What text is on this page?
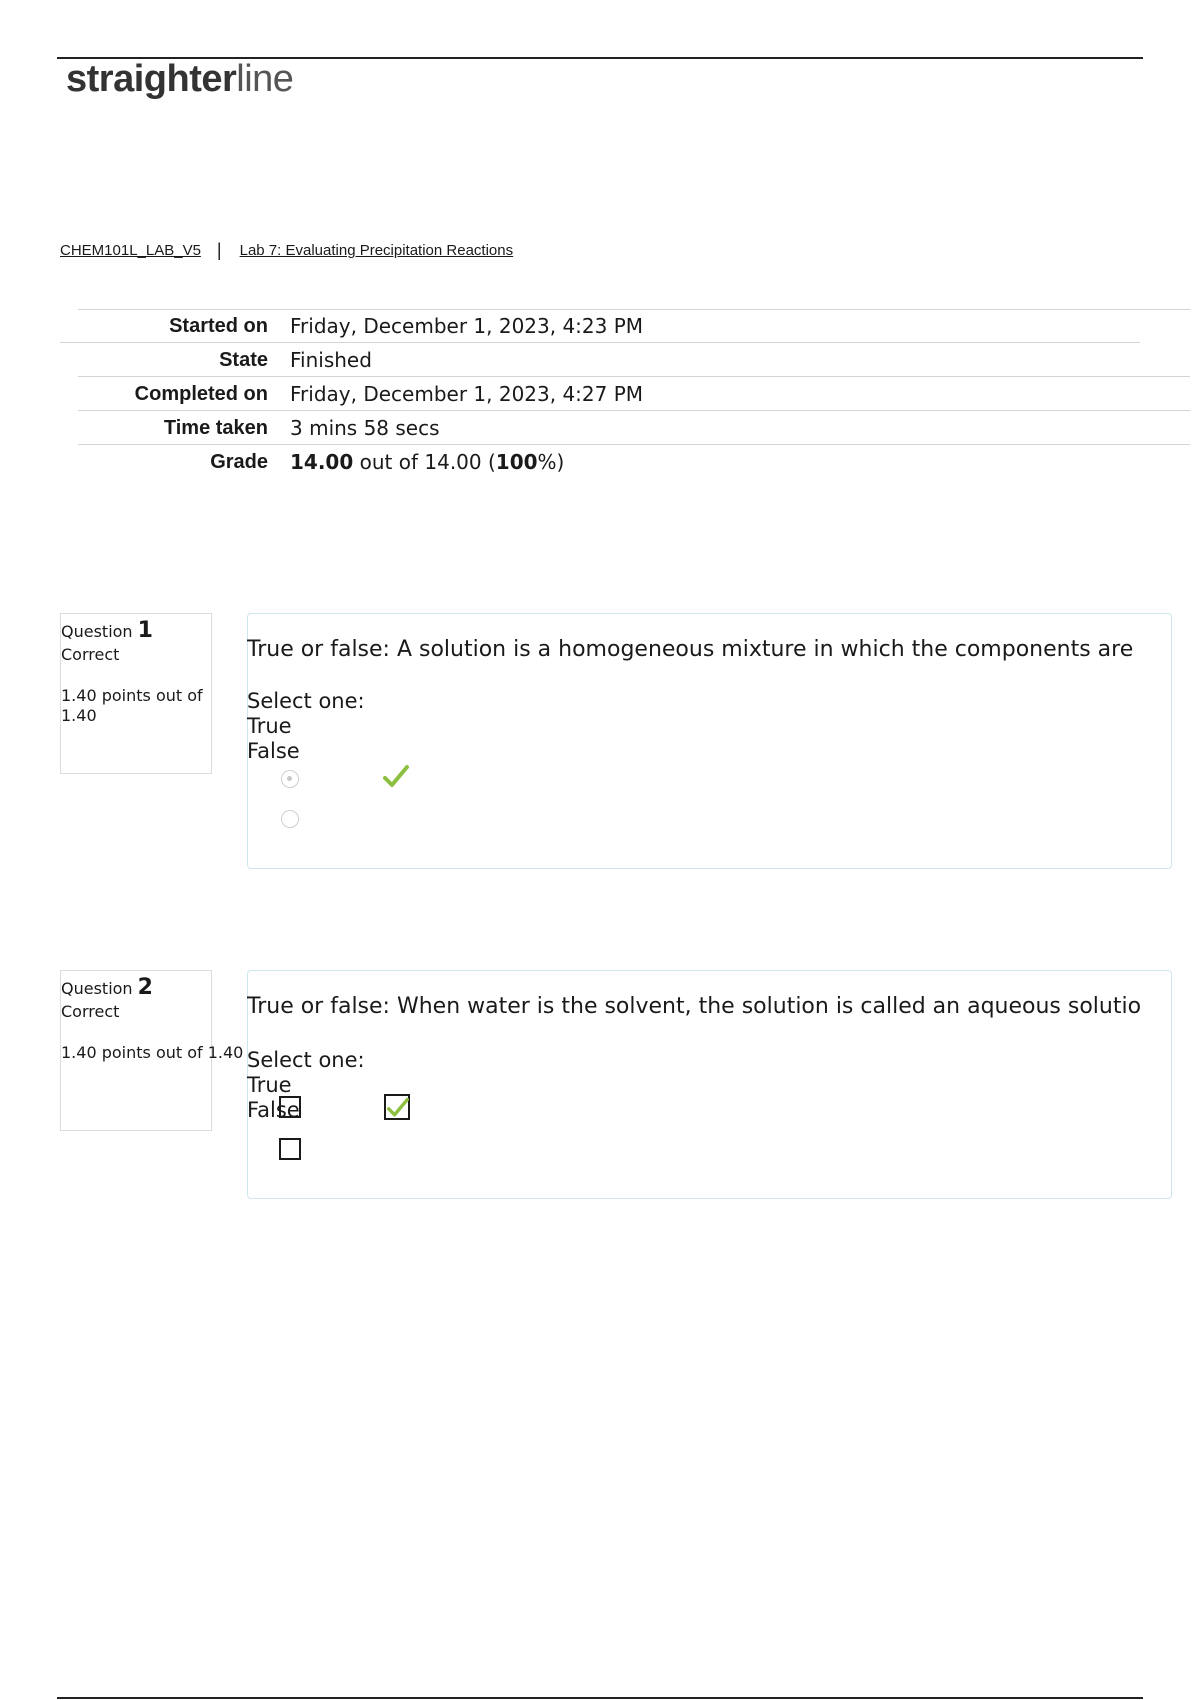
straighterline
CHEM101L_LAB_V5 | Lab 7: Evaluating Precipitation Reactions
Started on	Friday, December 1, 2023, 4:23 PM
State	Finished
Completed on	Friday, December 1, 2023, 4:27 PM
Time taken	3 mins 58 secs
Grade	14.00 out of 14.00 (100%)
Question 1
Correct
1.40 points out of 1.40
True or false: A solution is a homogeneous mixture in which the components are
Select one:
True
False
Question 2
Correct
1.40 points out of 1.40
True or false: When water is the solvent, the solution is called an aqueous solutio
Select one:
True
False
